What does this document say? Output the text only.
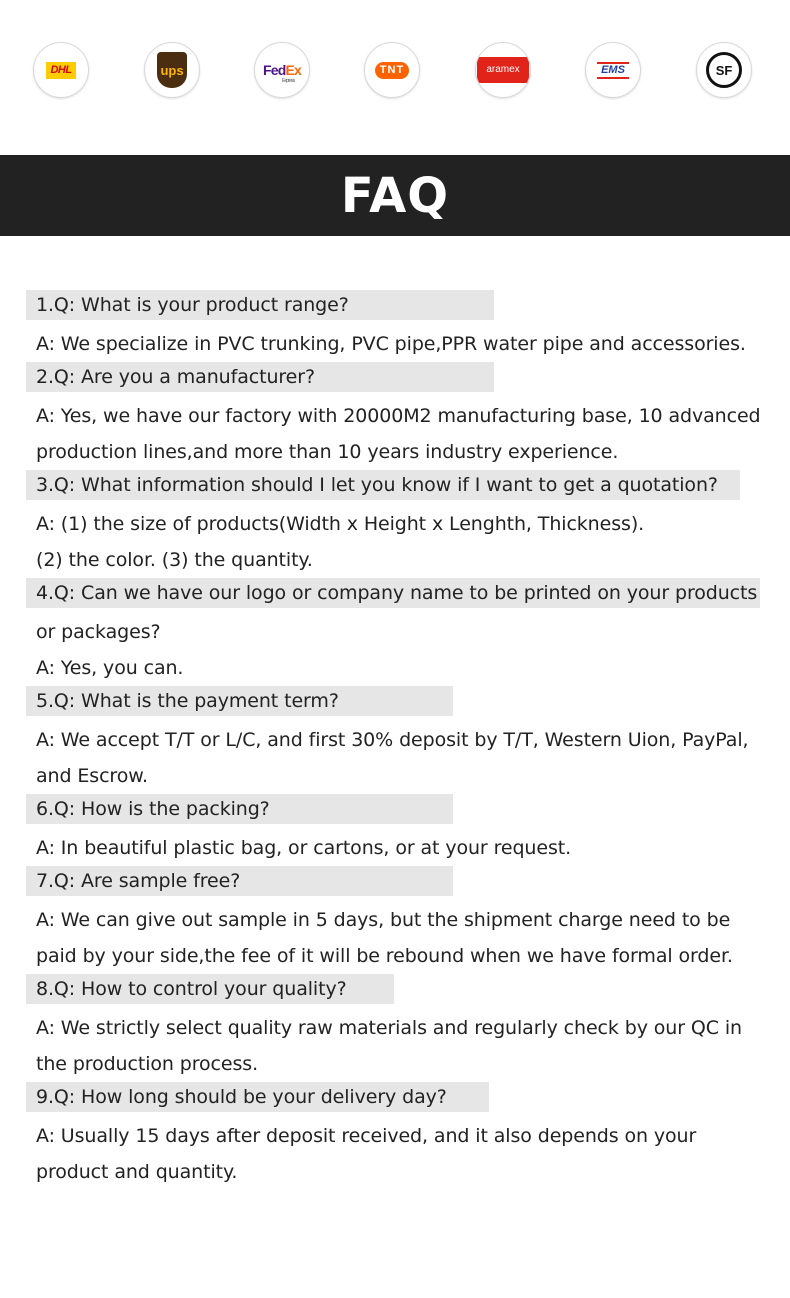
DHL	ups	FedEx
Express
TNT	aramex	EMS	SF
FAQ
1.Q: What is your product range?
A: We specialize in PVC trunking, PVC pipe,PPR water pipe and accessories.
2.Q: Are you a manufacturer?
A: Yes, we have our factory with 20000M2 manufacturing base, 10 advanced
production lines,and more than 10 years industry experience.
3.Q: What information should I let you know if I want to get a quotation?
A: (1) the size of products(Width x Height x Lenghth, Thickness).
(2) the color. (3) the quantity.
4.Q: Can we have our logo or company name to be printed on your products
or packages?
A: Yes, you can.
5.Q: What is the payment term?
A: We accept T/T or L/C, and first 30% deposit by T/T, Western Uion, PayPal,
and Escrow.
6.Q: How is the packing?
A: In beautiful plastic bag, or cartons, or at your request.
7.Q: Are sample free?
A: We can give out sample in 5 days, but the shipment charge need to be
paid by your side,the fee of it will be rebound when we have formal order.
8.Q: How to control your quality?
A: We strictly select quality raw materials and regularly check by our QC in
the production process.
9.Q: How long should be your delivery day?
A: Usually 15 days after deposit received, and it also depends on your
product and quantity.
